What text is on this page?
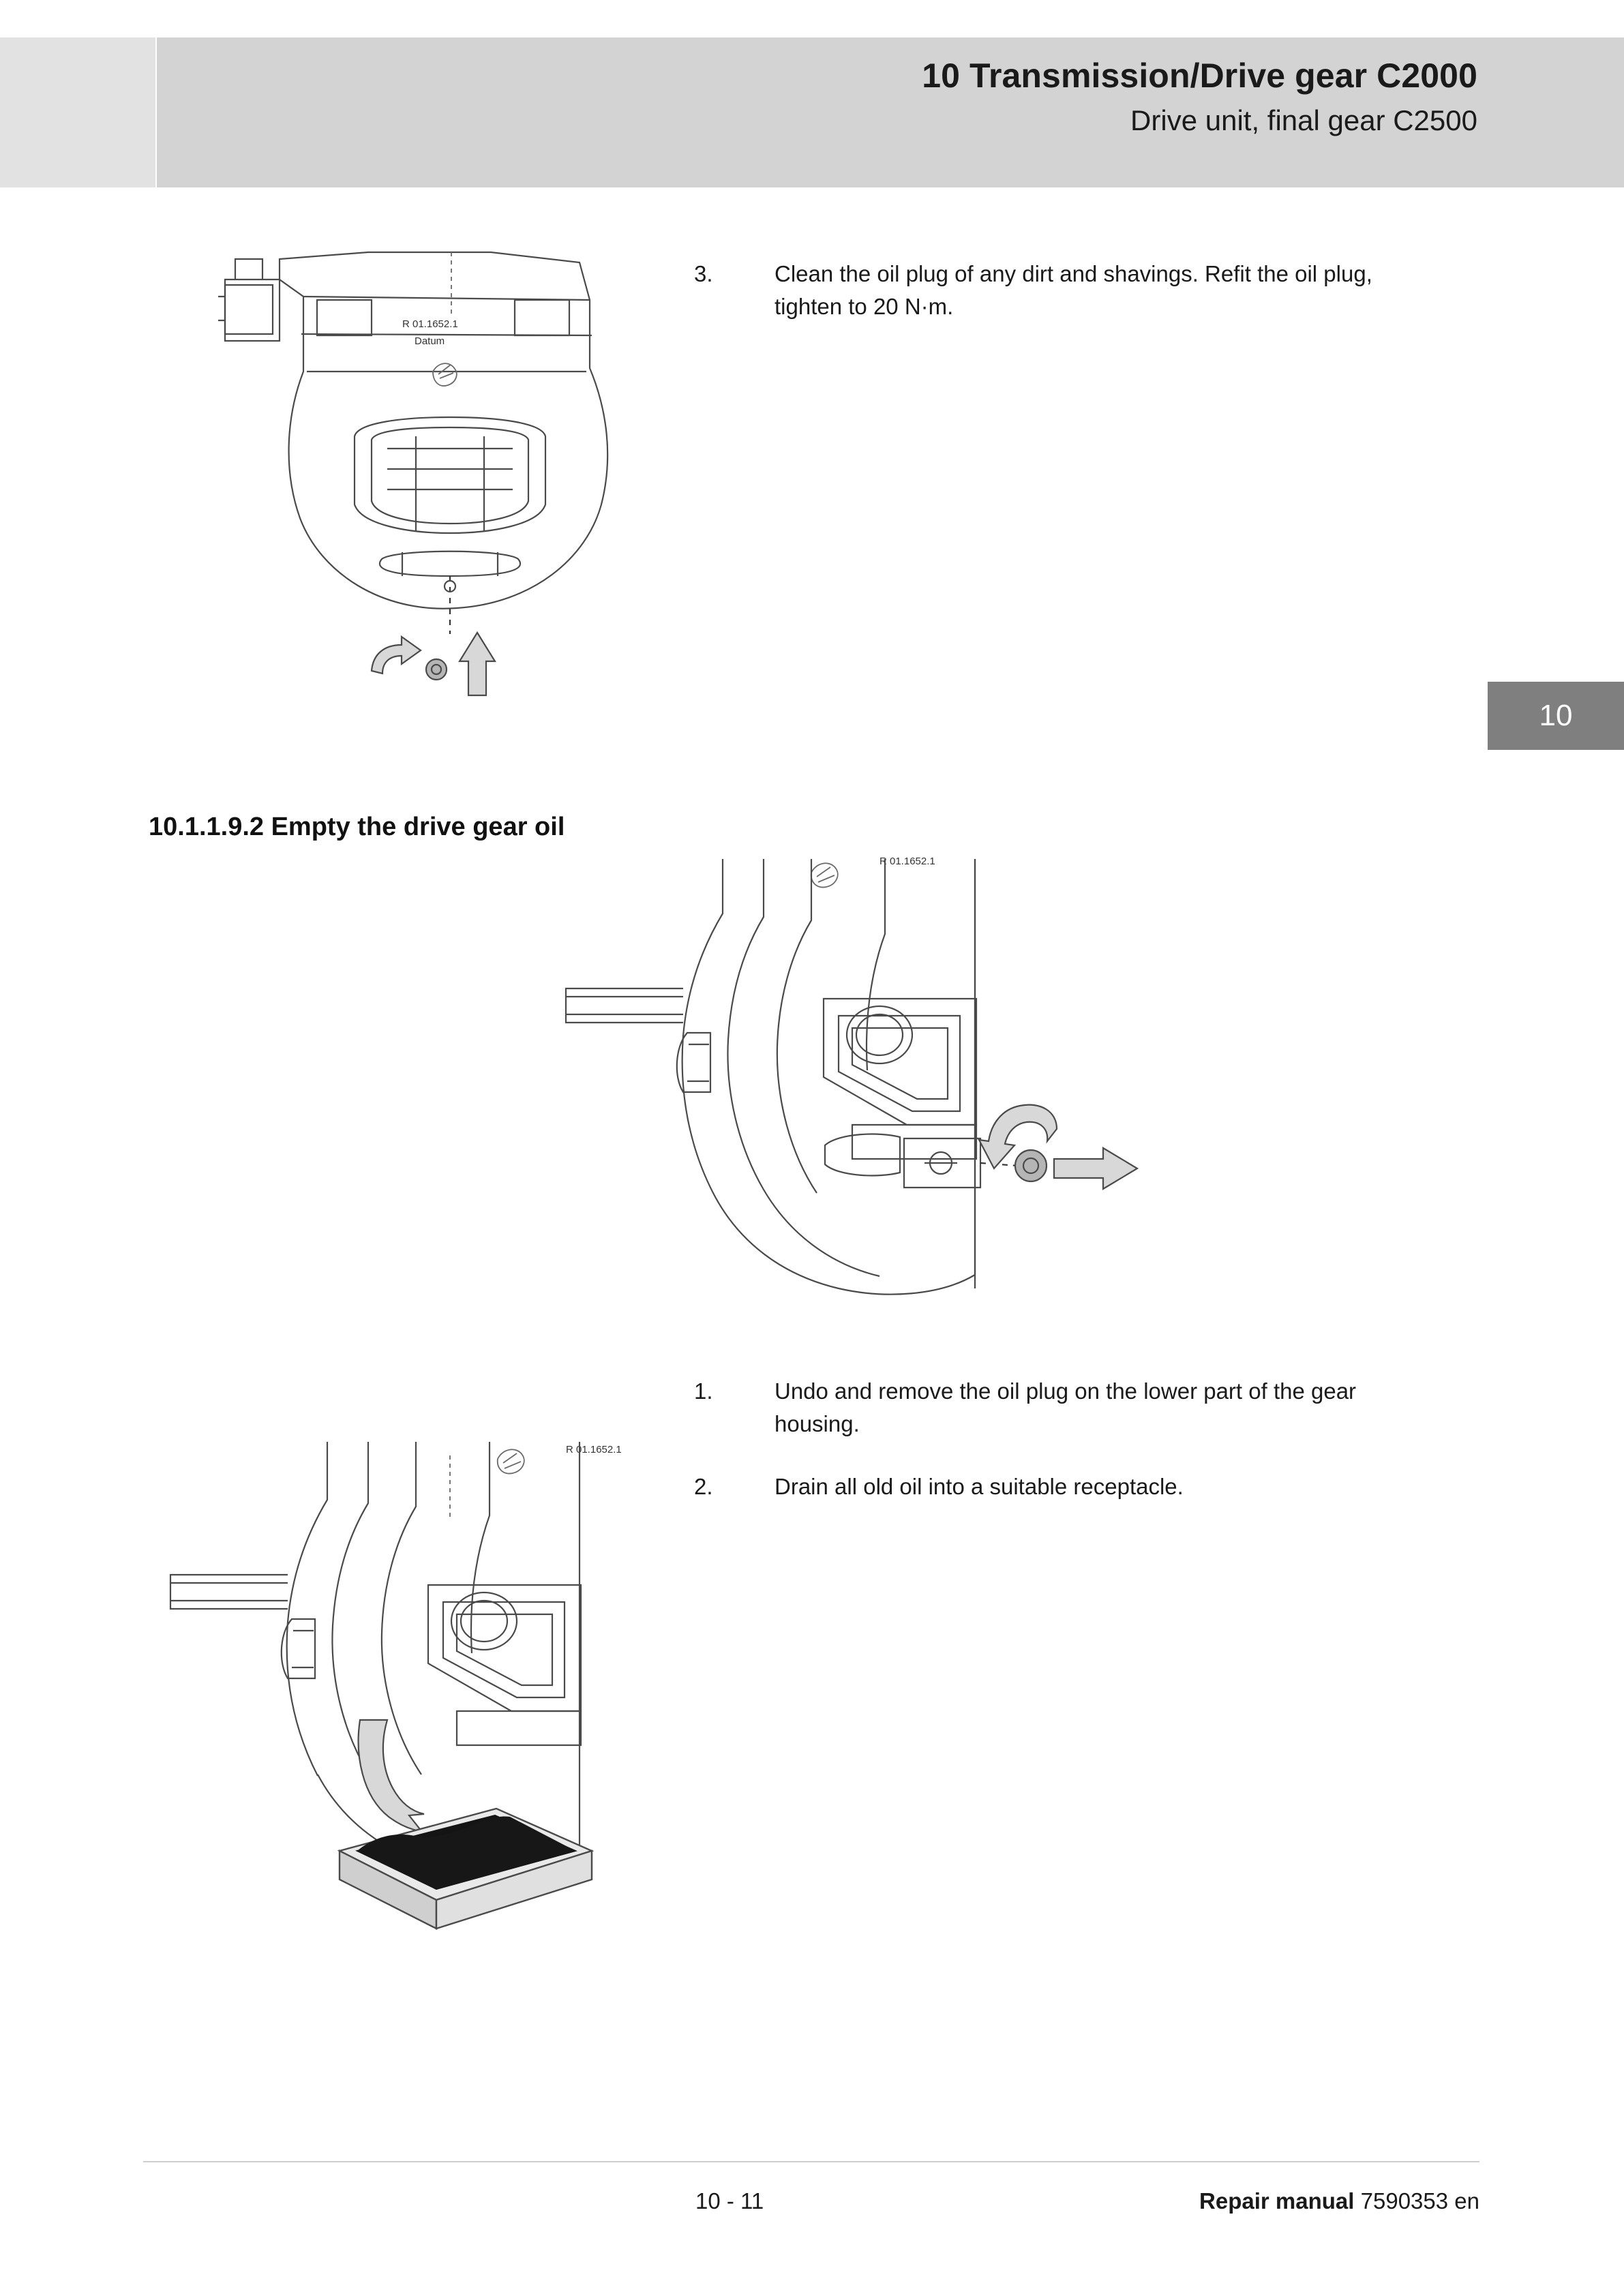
10 Transmission/Drive gear C2000
Drive unit, final gear C2500
10
R 01.1652.1
Datum
3.	Clean the oil plug of any dirt and shavings. Refit the oil plug, tighten to 20 N·m.
10.1.1.9.2 Empty the drive gear oil
R 01.1652.1
1.	Undo and remove the oil plug on the lower part of the gear housing.
2.	Drain all old oil into a suitable receptacle.
R 01.1652.1
10 - 11	Repair manual 7590353 en
